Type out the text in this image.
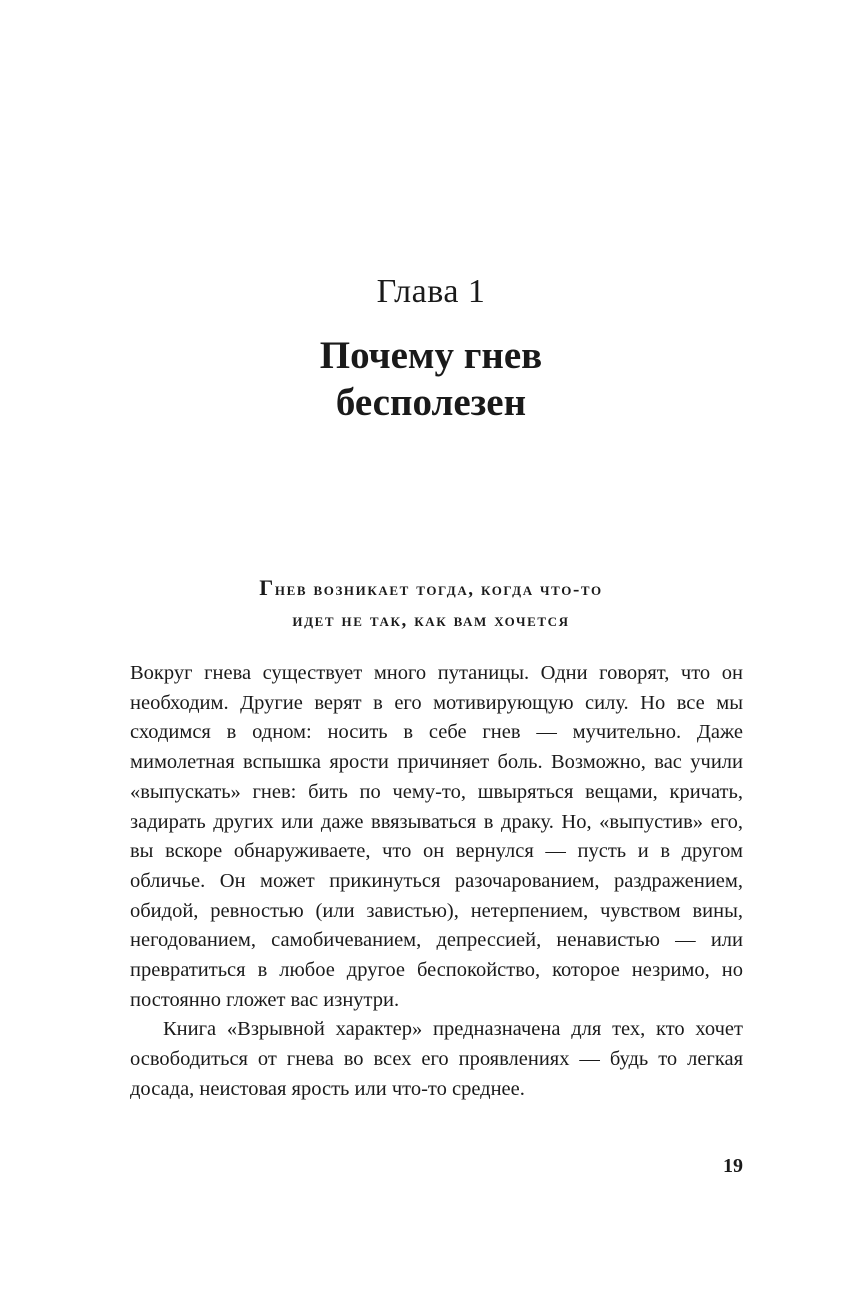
Глава 1
Почему гнев
бесполезен
Гнев возникает тогда, когда что-то
идет не так, как вам хочется

Вокруг гнева существует много путаницы. Одни говорят, что он необходим. Другие верят в его мотивирующую силу. Но все мы сходимся в одном: носить в себе гнев — мучительно. Даже мимолетная вспышка ярости причиняет боль. Возможно, вас учили «выпускать» гнев: бить по чему-то, швыряться вещами, кричать, задирать других или даже ввязываться в драку. Но, «выпустив» его, вы вскоре обнаруживаете, что он вернулся — пусть и в другом обличье. Он может прикинуться разочарованием, раздражением, обидой, ревностью (или завистью), нетерпением, чувством вины, негодованием, самобичеванием, депрессией, ненавистью — или превратиться в любое другое беспокойство, которое незримо, но постоянно гложет вас изнутри.

Книга «Взрывной характер» предназначена для тех, кто хочет освободиться от гнева во всех его проявлениях — будь то легкая досада, неистовая ярость или что-то среднее.

19
